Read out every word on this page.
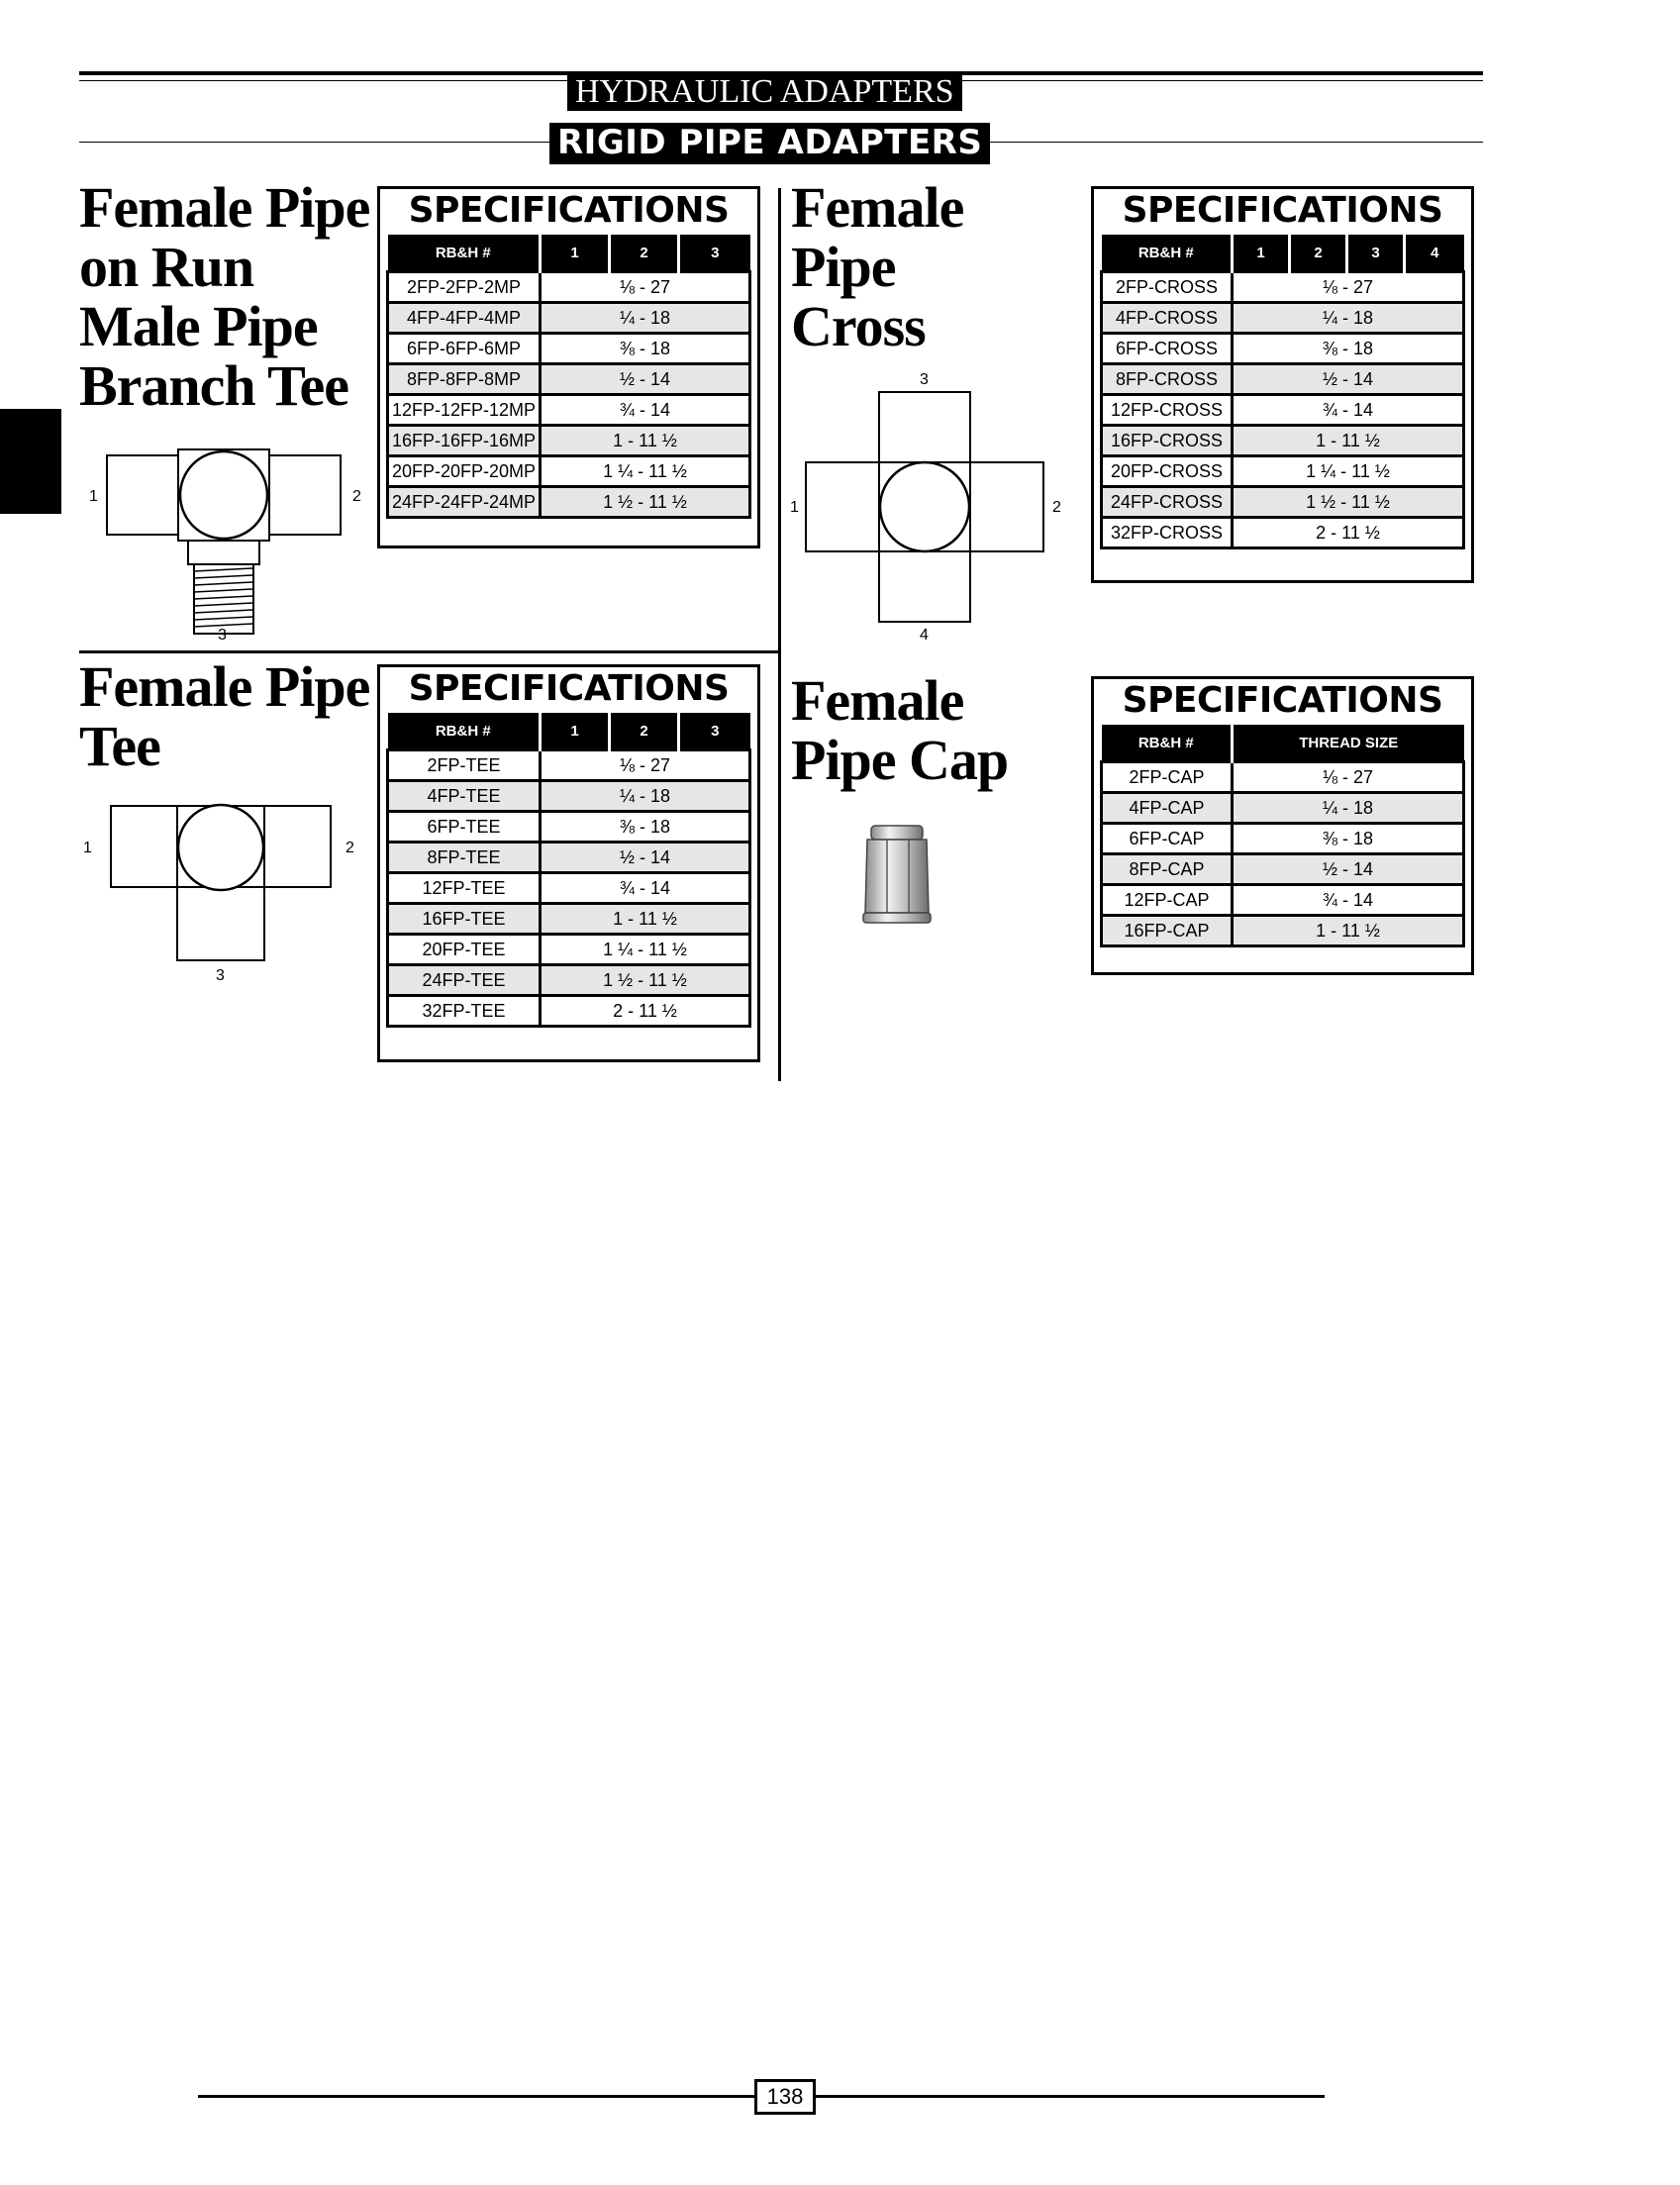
HYDRAULIC ADAPTERS
RIGID PIPE ADAPTERS
Female Pipe
on Run
Male Pipe
Branch Tee
1	2
3
SPECIFICATIONS
RB&H #	1	2	3
2FP-2FP-2MP	⅛ - 27		
4FP-4FP-4MP	¼ - 18		
6FP-6FP-6MP	⅜ - 18		
8FP-8FP-8MP	½ - 14		
12FP-12FP-12MP	¾ - 14		
16FP-16FP-16MP	1 - 11 ½		
20FP-20FP-20MP	1 ¼ - 11 ½		
24FP-24FP-24MP	1 ½ - 11 ½		
Female
Pipe
Cross
1	2
3
4
SPECIFICATIONS
RB&H #	1	2	3	4
2FP-CROSS	⅛ - 27			
4FP-CROSS	¼ - 18			
6FP-CROSS	⅜ - 18			
8FP-CROSS	½ - 14			
12FP-CROSS	¾ - 14			
16FP-CROSS	1 - 11 ½			
20FP-CROSS	1 ¼ - 11 ½			
24FP-CROSS	1 ½ - 11 ½			
32FP-CROSS	2 - 11 ½			
Female Pipe
Tee
1	2
3
SPECIFICATIONS
RB&H #	1	2	3
2FP-TEE	⅛ - 27		
4FP-TEE	¼ - 18		
6FP-TEE	⅜ - 18		
8FP-TEE	½ - 14		
12FP-TEE	¾ - 14		
16FP-TEE	1 - 11 ½		
20FP-TEE	1 ¼ - 11 ½		
24FP-TEE	1 ½ - 11 ½		
32FP-TEE	2 - 11 ½		
Female
Pipe Cap
SPECIFICATIONS
RB&H #	THREAD SIZE
2FP-CAP	⅛ - 27
4FP-CAP	¼ - 18
6FP-CAP	⅜ - 18
8FP-CAP	½ - 14
12FP-CAP	¾ - 14
16FP-CAP	1 - 11 ½
138
